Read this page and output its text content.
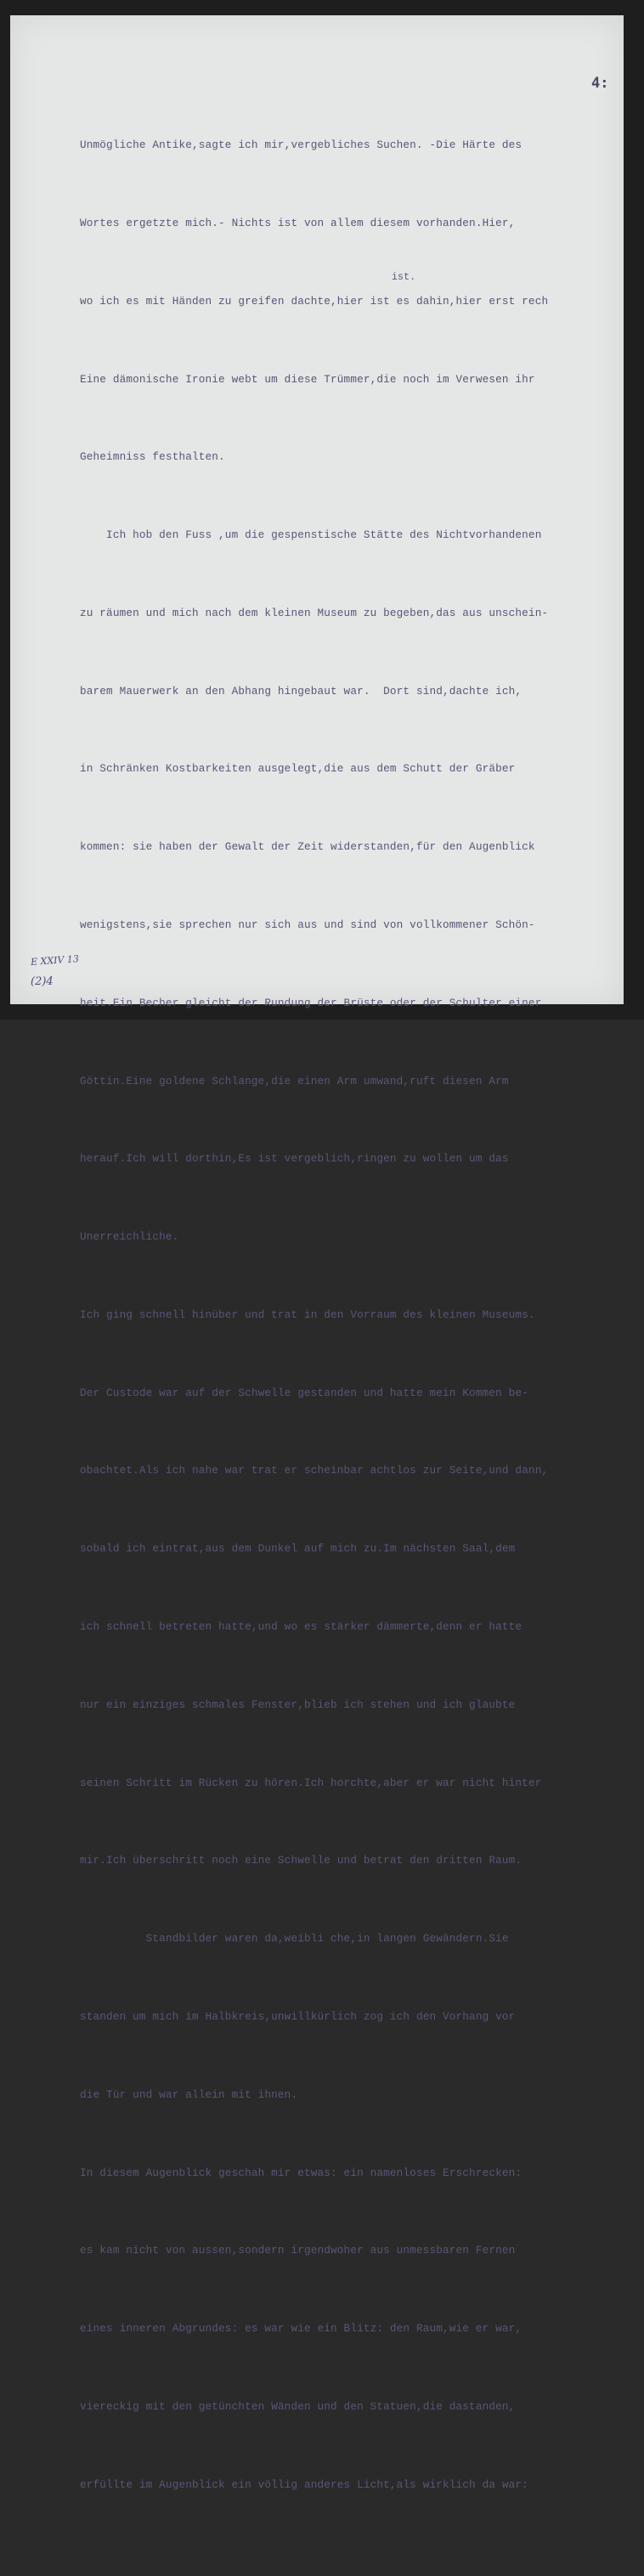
4:

Unmögliche Antike,sagte ich mir,vergebliches Suchen. -Die Härte des

Wortes ergetzte mich.- Nichts ist von allem diesem vorhanden.Hier,

wo ich es mit Händen zu greifen dachte,hier ist es dahin,hier erst rech

Eine dämonische Ironie webt um diese Trümmer,die noch im Verwesen ihr

Geheimniss festhalten.

Ich hob den Fuss ,um die gespenstische Stätte des Nichtvorhandenen

zu räumen und mich nach dem kleinen Museum zu begeben,das aus unschein-

barem Mauerwerk an den Abhang hingebaut war.  Dort sind,dachte ich,

in Schränken Kostbarkeiten ausgelegt,die aus dem Schutt der Gräber

kommen: sie haben der Gewalt der Zeit widerstanden,für den Augenblick

wenigstens,sie sprechen nur sich aus und sind von vollkommener Schön-

heit.Ein Becher gleicht der Rundung der Brüste oder der Schulter einer

Göttin.Eine goldene Schlange,die einen Arm umwand,ruft diesen Arm

herauf.Ich will dorthin,Es ist vergeblich,ringen zu wollen um das

Unerreichliche.

Ich ging schnell hinüber und trat in den Vorraum des kleinen Museums.

Der Custode war auf der Schwelle gestanden und hatte mein Kommen be-

obachtet.Als ich nahe war trat er scheinbar achtlos zur Seite,und dann,

sobald ich eintrat,aus dem Dunkel auf mich zu.Im nächsten Saal,dem

ich schnell betreten hatte,und wo es stärker dämmerte,denn er hatte

nur ein einziges schmales Fenster,blieb ich stehen und ich glaubte

seinen Schritt im Rücken zu hören.Ich horchte,aber er war nicht hinter

mir.Ich überschritt noch eine Schwelle und betrat den dritten Raum.

Standbilder waren da,weibli che,in langen Gewändern.Sie

standen um mich im Halbkreis,unwillkürlich zog ich den Vorhang vor

die Tür und war allein mit ihnen.

In diesem Augenblick geschah mir etwas: ein namenloses Erschrecken:

es kam nicht von aussen,sondern irgendwoher aus unmessbaren Fernen

eines inneren Abgrundes: es war wie ein Blitz: den Raum,wie er war,

viereckig mit den getünchten Wänden und den Statuen,die dastanden,

erfüllte im Augenblick ein völlig anderes Licht,als wirklich da war:

ist.

E XXIV 13
(2)4
